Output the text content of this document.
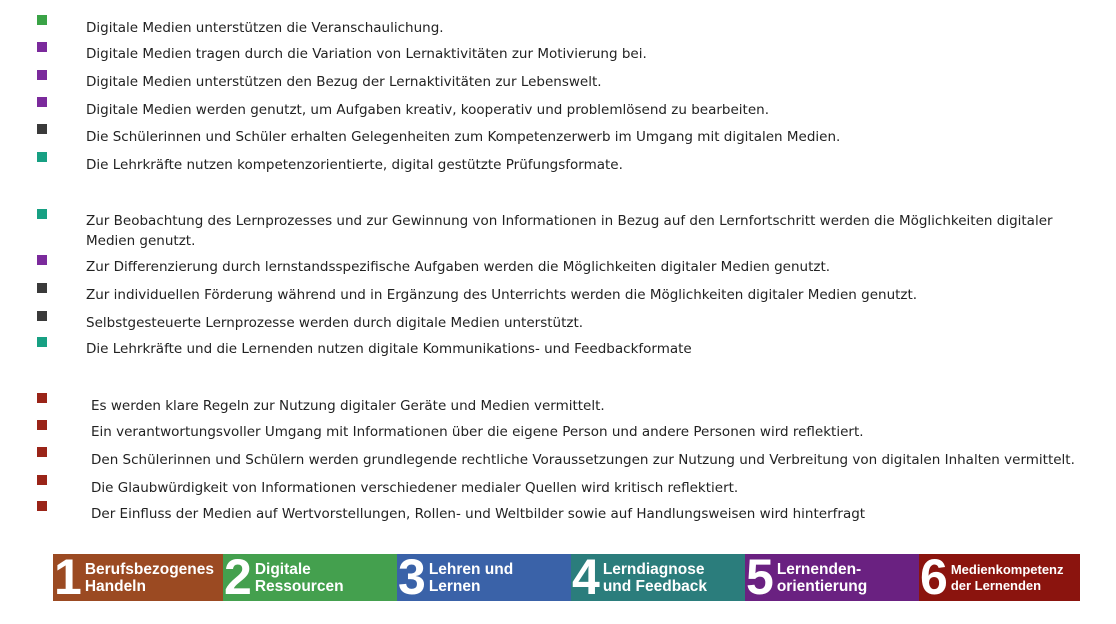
Digitale Medien unterstützen die Veranschaulichung.
Digitale Medien tragen durch die Variation von Lernaktivitäten zur Motivierung bei.
Digitale Medien unterstützen den Bezug der Lernaktivitäten zur Lebenswelt.
Digitale Medien werden genutzt, um Aufgaben kreativ, kooperativ und problemlösend zu bearbeiten.
Die Schülerinnen und Schüler erhalten Gelegenheiten zum Kompetenzerwerb im Umgang mit digitalen Medien.
Die Lehrkräfte nutzen kompetenzorientierte, digital gestützte Prüfungsformate.
Zur Beobachtung des Lernprozesses und zur Gewinnung von Informationen in Bezug auf den Lernfortschritt werden die Möglichkeiten digitaler Medien genutzt.
Zur Differenzierung durch lernstandsspezifische Aufgaben werden die Möglichkeiten digitaler Medien genutzt.
Zur individuellen Förderung während und in Ergänzung des Unterrichts werden die Möglichkeiten digitaler Medien genutzt.
Selbstgesteuerte Lernprozesse werden durch digitale Medien unterstützt.
Die Lehrkräfte und die Lernenden nutzen digitale Kommunikations- und Feedbackformate
Es werden klare Regeln zur Nutzung digitaler Geräte und Medien vermittelt.
Ein verantwortungsvoller Umgang mit Informationen über die eigene Person und andere Personen wird reflektiert.
Den Schülerinnen und Schülern werden grundlegende rechtliche Voraussetzungen zur Nutzung und Verbreitung von digitalen Inhalten vermittelt.
Die Glaubwürdigkeit von Informationen verschiedener medialer Quellen wird kritisch reflektiert.
Der Einfluss der Medien auf Wertvorstellungen, Rollen- und Weltbilder sowie auf Handlungsweisen wird hinterfragt
1 Berufsbezogenes
Handeln	2 Digitale
Ressourcen 3 Lehren und
Lernen	4 Lerndiagnose
und Feedback 5 Lernenden-
orientierung 6 Medienkompetenz
der Lernenden
